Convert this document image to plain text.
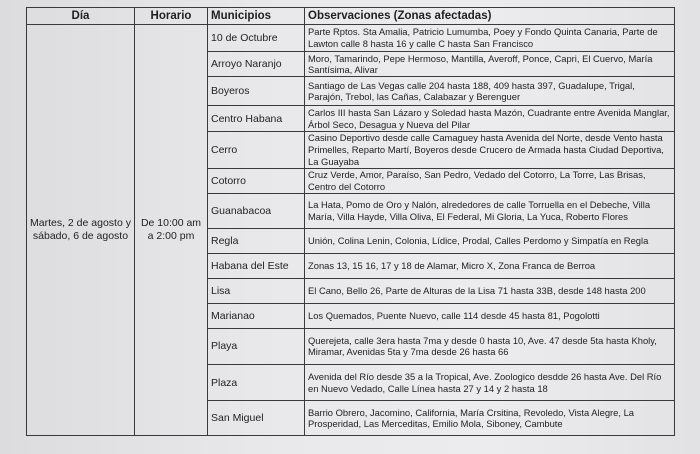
Día	Horario	Municipios	Observaciones (Zonas afectadas)
Martes, 2 de agosto y sábado, 6 de agosto	De 10:00 am a 2:00 pm	10 de Octubre	Parte Rptos. Sta Amalia, Patricio Lumumba, Poey y Fondo Quinta Canaria, Parte de Lawton calle 8 hasta 16 y calle C hasta San Francisco
		Arroyo Naranjo	Moro, Tamarindo, Pepe Hermoso, Mantilla, Averoff, Ponce, Capri, El Cuervo, María Santísima, Alivar
		Boyeros	Santiago de Las Vegas calle 204 hasta 188, 409 hasta 397, Guadalupe, Trigal, Parajón, Trebol, las Cañas, Calabazar y Berenguer
		Centro Habana	Carlos III hasta San Lázaro y Soledad hasta Mazón, Cuadrante entre Avenida Manglar, Árbol Seco, Desagua y Nueva del Pilar
		Cerro	Casino Deportivo desde calle Camaguey hasta Avenida del Norte, desde Vento hasta Primelles, Reparto Martí, Boyeros desde Crucero de Armada hasta Ciudad Deportiva, La Guayaba
		Cotorro	Cruz Verde, Amor, Paraíso, San Pedro, Vedado del Cotorro, La Torre, Las Brisas, Centro del Cotorro
		Guanabacoa	La Hata, Pomo de Oro y Nalón, alrededores de calle Torruella en el Debeche, Villa María, Villa Hayde, Villa Oliva, El Federal, Mi Gloria, La Yuca, Roberto Flores
		Regla	Unión, Colina Lenin, Colonia, Lídice, Prodal, Calles Perdomo y Simpatía en Regla
		Habana del Este	Zonas 13, 15 16, 17 y 18 de Alamar, Micro X, Zona Franca de Berroa
		Lisa	El Cano, Bello 26, Parte de Alturas de la Lisa 71 hasta 33B, desde 148 hasta 200
		Marianao	Los Quemados, Puente Nuevo, calle 114 desde 45 hasta 81, Pogolotti
		Playa	Querejeta, calle 3era hasta 7ma y desde 0 hasta 10, Ave. 47 desde 5ta hasta Kholy, Miramar, Avenidas 5ta y 7ma desde 26 hasta 66
		Plaza	Avenida del Río desde 35 a la Tropical, Ave. Zoologico desdde 26 hasta Ave. Del Río en Nuevo Vedado, Calle Línea hasta 27 y 14 y 2 hasta 18
		San Miguel	Barrio Obrero, Jacomino, California, María Crsitina, Revoledo, Vista Alegre, La Prosperidad, Las Merceditas, Emilio Mola, Siboney, Cambute
